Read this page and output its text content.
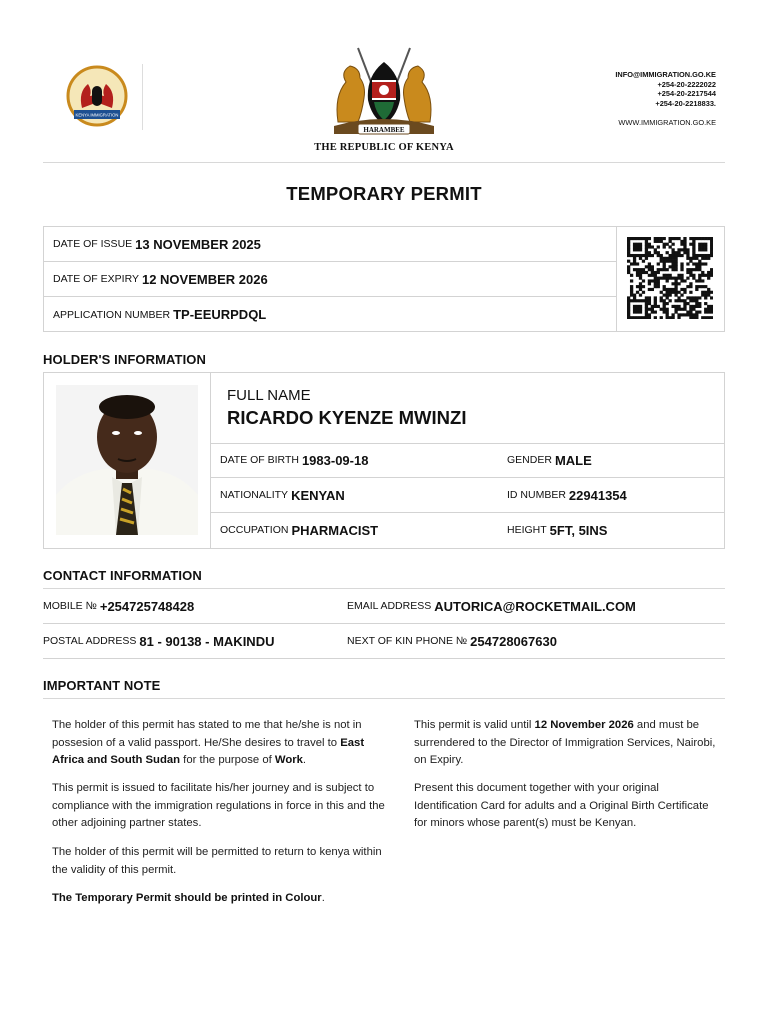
KENYA IMMIGRATION
HARAMBEE
THE REPUBLIC OF KENYA
INFO@IMMIGRATION.GO.KE
+254-20-2222022
+254-20-2217544
+254-20-2218833.
WWW.IMMIGRATION.GO.KE
TEMPORARY PERMIT
DATE OF ISSUE 13 NOVEMBER 2025
DATE OF EXPIRY 12 NOVEMBER 2026
APPLICATION NUMBER TP-EEURPDQL
HOLDER'S INFORMATION
FULL NAME
RICARDO KYENZE MWINZI
DATE OF BIRTH 1983-09-18	GENDER MALE
NATIONALITY KENYAN	ID NUMBER 22941354
OCCUPATION PHARMACIST	HEIGHT 5FT, 5INS
CONTACT INFORMATION
MOBILE № +254725748428	EMAIL ADDRESS AUTORICA@ROCKETMAIL.COM
POSTAL ADDRESS 81 - 90138 - MAKINDU	NEXT OF KIN PHONE № 254728067630
IMPORTANT NOTE
The holder of this permit has stated to me that he/she is not in possesion of a valid passport. He/She desires to travel to East Africa and South Sudan for the purpose of Work.
This permit is issued to facilitate his/her journey and is subject to compliance with the immigration regulations in force in this and the other adjoining partner states.
The holder of this permit will be permitted to return to kenya within the validity of this permit.
The Temporary Permit should be printed in Colour.
This permit is valid until 12 November 2026 and must be surrendered to the Director of Immigration Services, Nairobi, on Expiry.
Present this document together with your original Identification Card for adults and a Original Birth Certificate for minors whose parent(s) must be Kenyan.
